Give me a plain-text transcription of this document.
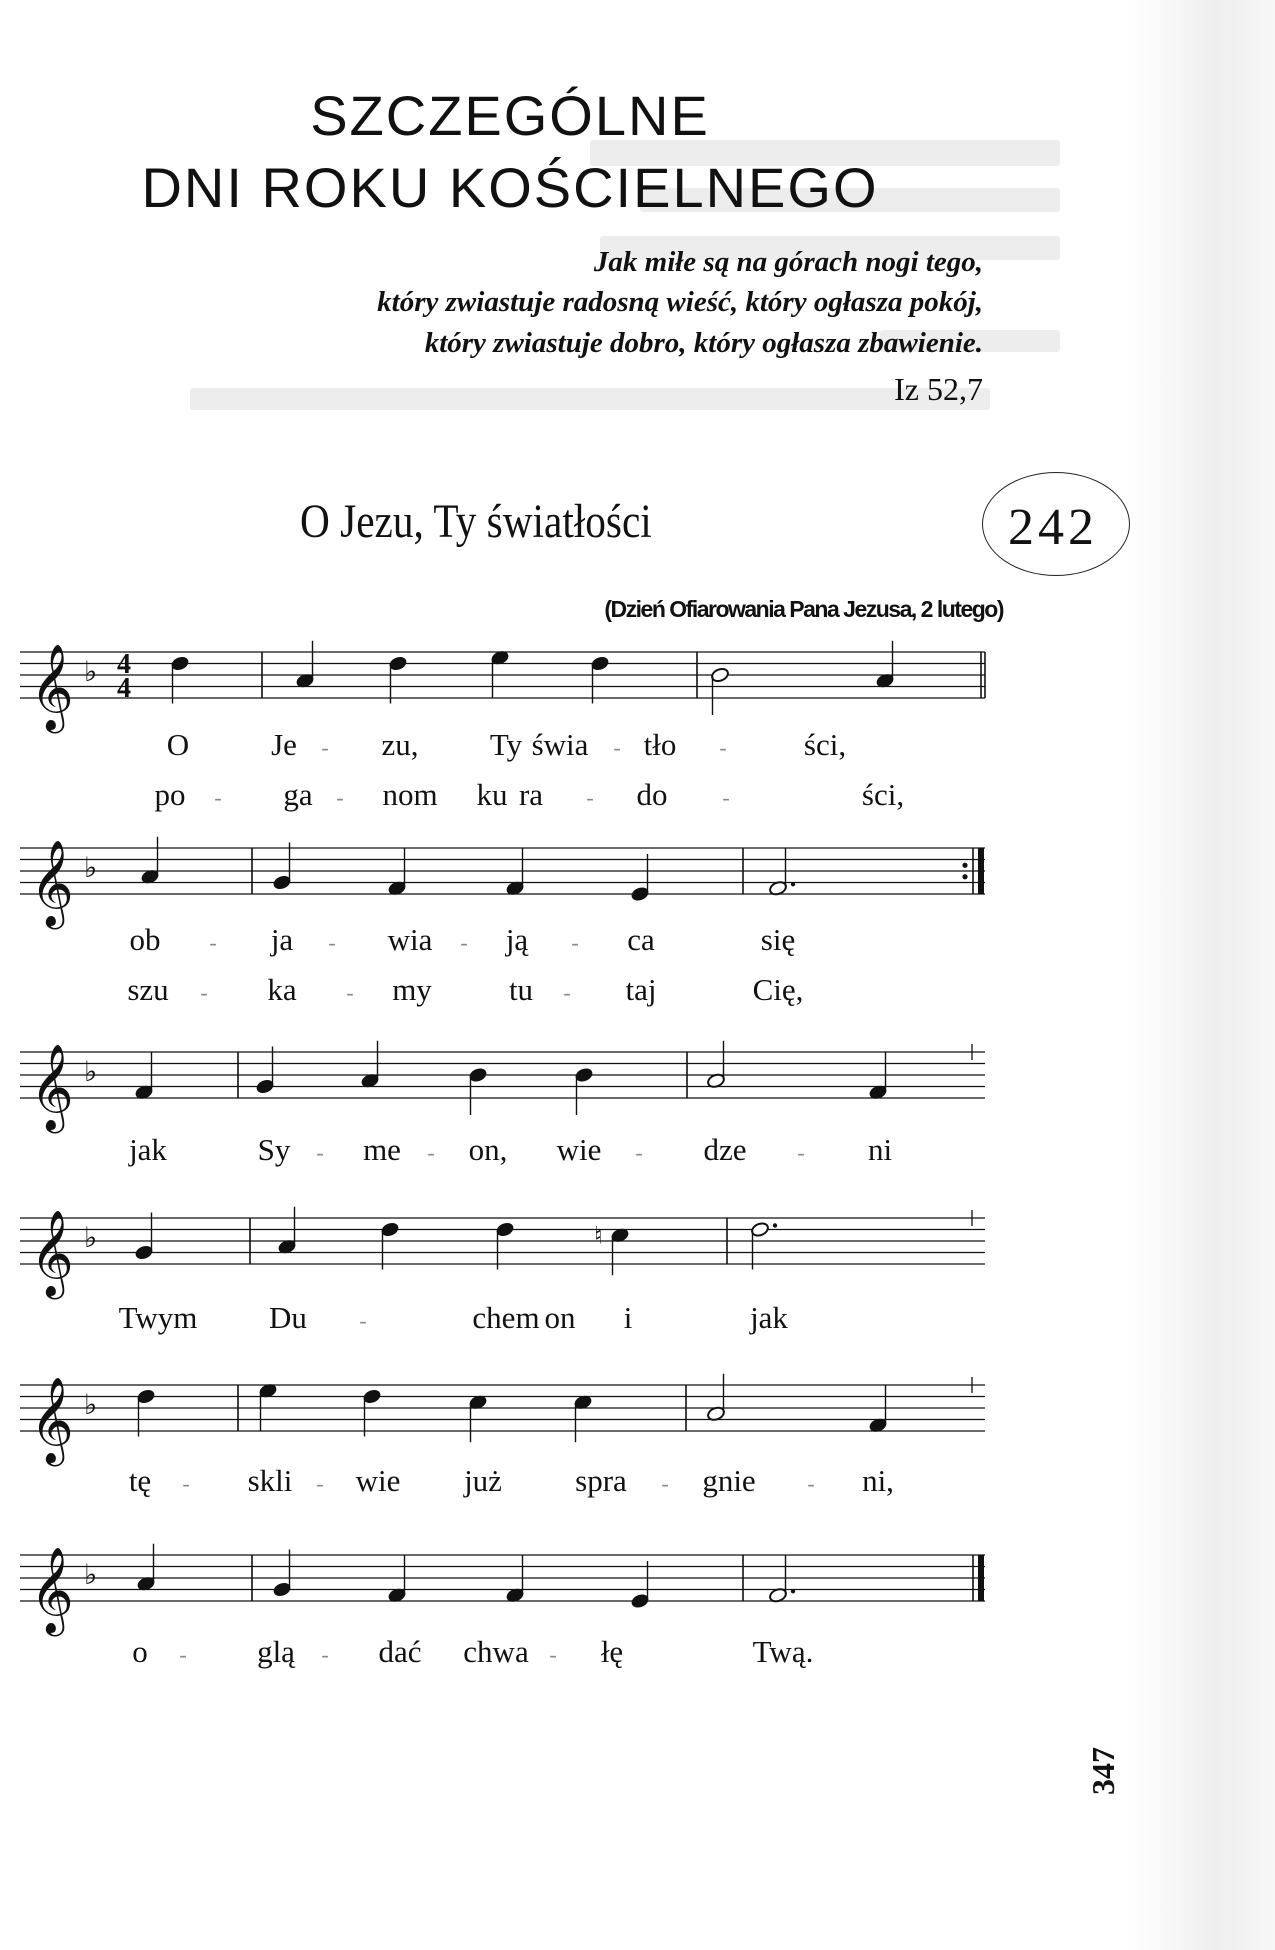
SZCZEGÓLNE
DNI ROKU KOŚCIELNEGO
Jak miłe są na górach nogi tego,
który zwiastuje radosną wieść, który ogłasza pokój,
który zwiastuje dobro, który ogłasza zbawienie.
Iz 52,7
O Jezu, Ty światłości	242
(Dzień Ofiarowania Pana Jezusa, 2 lutego)
𝄞 ♭ 4
4
O	Je - zu, Ty świa - tło - ści,
po - ga - nom ku ra - do -	ści,
𝄞 ♭
ob - ja - wia - ją - ca	się
szu - ka - my tu - taj	Cię,
𝄞 ♭
jak	Sy - me - on, wie - dze - ni
𝄞 ♭	♮
Twym Du -	chem	i	jak
on
𝄞 ♭
tę - skli - wie już spra - gnie - ni,
𝄞 ♭
o - glą - dać chwa - łę	Twą.
347
